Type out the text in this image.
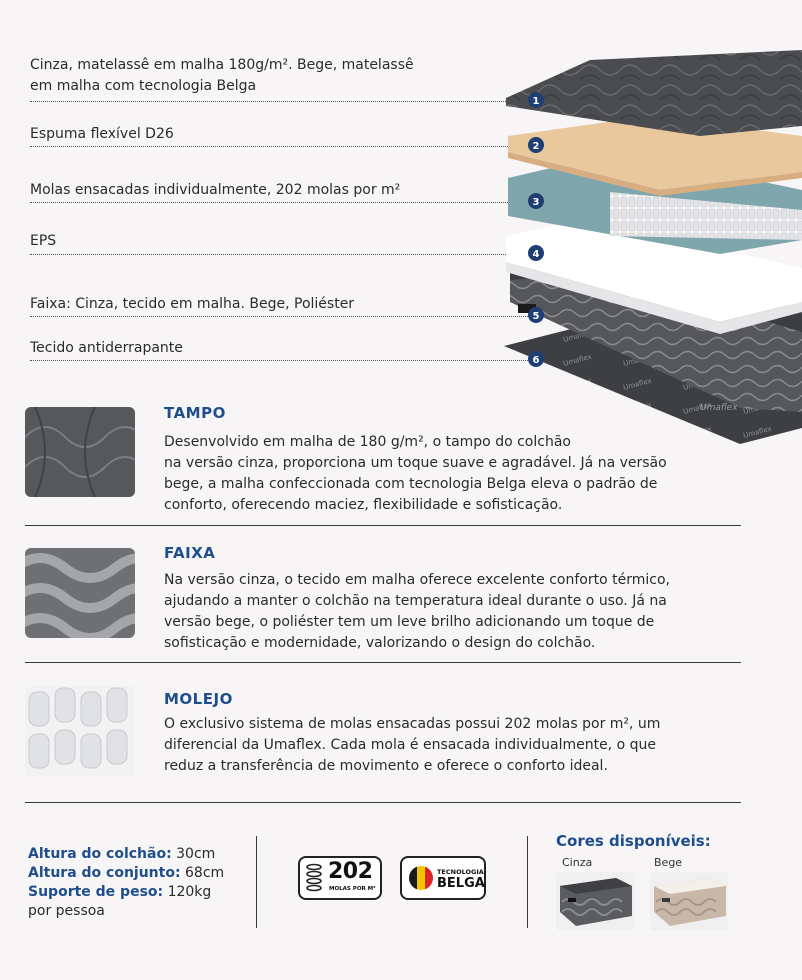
Cinza, matelassê em malha 180g/m². Bege, matelassê
em malha com tecnologia Belga
Espuma flexível D26
Molas ensacadas individualmente, 202 molas por m²
EPS
Faixa: Cinza, tecido em malha. Bege, Poliéster
Tecido antiderrapante
1
2
3
4
5
6
Umaflex
TAMPO
Desenvolvido em malha de 180 g/m², o tampo do colchão
na versão cinza, proporciona um toque suave e agradável. Já na versão
bege, a malha confeccionada com tecnologia Belga eleva o padrão de
conforto, oferecendo maciez, flexibilidade e sofisticação.
FAIXA
Na versão cinza, o tecido em malha oferece excelente conforto térmico,
ajudando a manter o colchão na temperatura ideal durante o uso. Já na
versão bege, o poliéster tem um leve brilho adicionando um toque de
sofisticação e modernidade, valorizando o design do colchão.
MOLEJO
O exclusivo sistema de molas ensacadas possui 202 molas por m², um
diferencial da Umaflex. Cada mola é ensacada individualmente, o que
reduz a transferência de movimento e oferece o conforto ideal.
Altura do colchão: 30cm
Altura do conjunto: 68cm
Suporte de peso: 120kg
por pessoa
202
MOLAS POR M²
TECNOLOGIA
BELGA
Cores disponíveis:
Cinza	Bege
